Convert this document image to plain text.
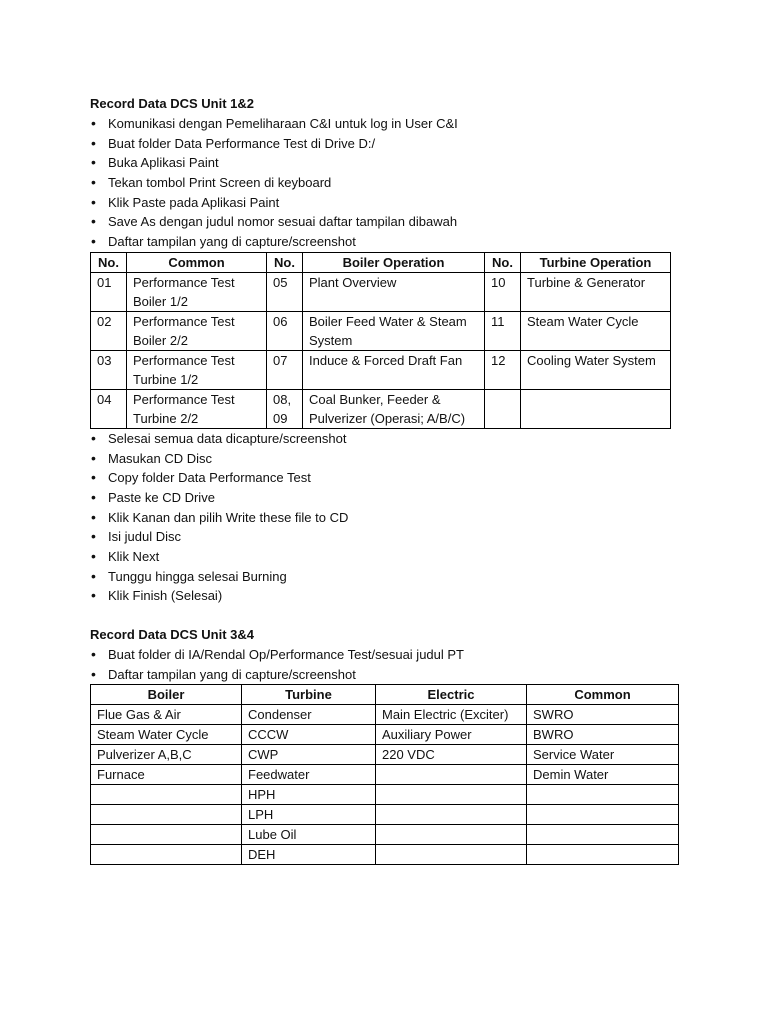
Record Data DCS Unit 1&2
• Komunikasi dengan Pemeliharaan C&I untuk log in User C&I
• Buat folder Data Performance Test di Drive D:/
• Buka Aplikasi Paint
• Tekan tombol Print Screen di keyboard
• Klik Paste pada Aplikasi Paint
• Save As dengan judul nomor sesuai daftar tampilan dibawah
• Daftar tampilan yang di capture/screenshot
No.	Common	No.	Boiler Operation	No.	Turbine Operation
01	Performance Test Boiler 1/2	05	Plant Overview	10	Turbine & Generator
02	Performance Test Boiler 2/2	06	Boiler Feed Water & Steam System	11	Steam Water Cycle
03	Performance Test Turbine 1/2	07	Induce & Forced Draft Fan	12	Cooling Water System
04	Performance Test Turbine 2/2	08, 09	Coal Bunker, Feeder & Pulverizer (Operasi; A/B/C)		
• Selesai semua data dicapture/screenshot
• Masukan CD Disc
• Copy folder Data Performance Test
• Paste ke CD Drive
• Klik Kanan dan pilih Write these file to CD
• Isi judul Disc
• Klik Next
• Tunggu hingga selesai Burning
• Klik Finish (Selesai)
Record Data DCS Unit 3&4
• Buat folder di IA/Rendal Op/Performance Test/sesuai judul PT
• Daftar tampilan yang di capture/screenshot
Boiler	Turbine	Electric	Common
Flue Gas & Air	Condenser	Main Electric (Exciter)	SWRO
Steam Water Cycle	CCCW	Auxiliary Power	BWRO
Pulverizer A,B,C	CWP	220 VDC	Service Water
Furnace	Feedwater		Demin Water
	HPH		
	LPH		
	Lube Oil		
	DEH		
